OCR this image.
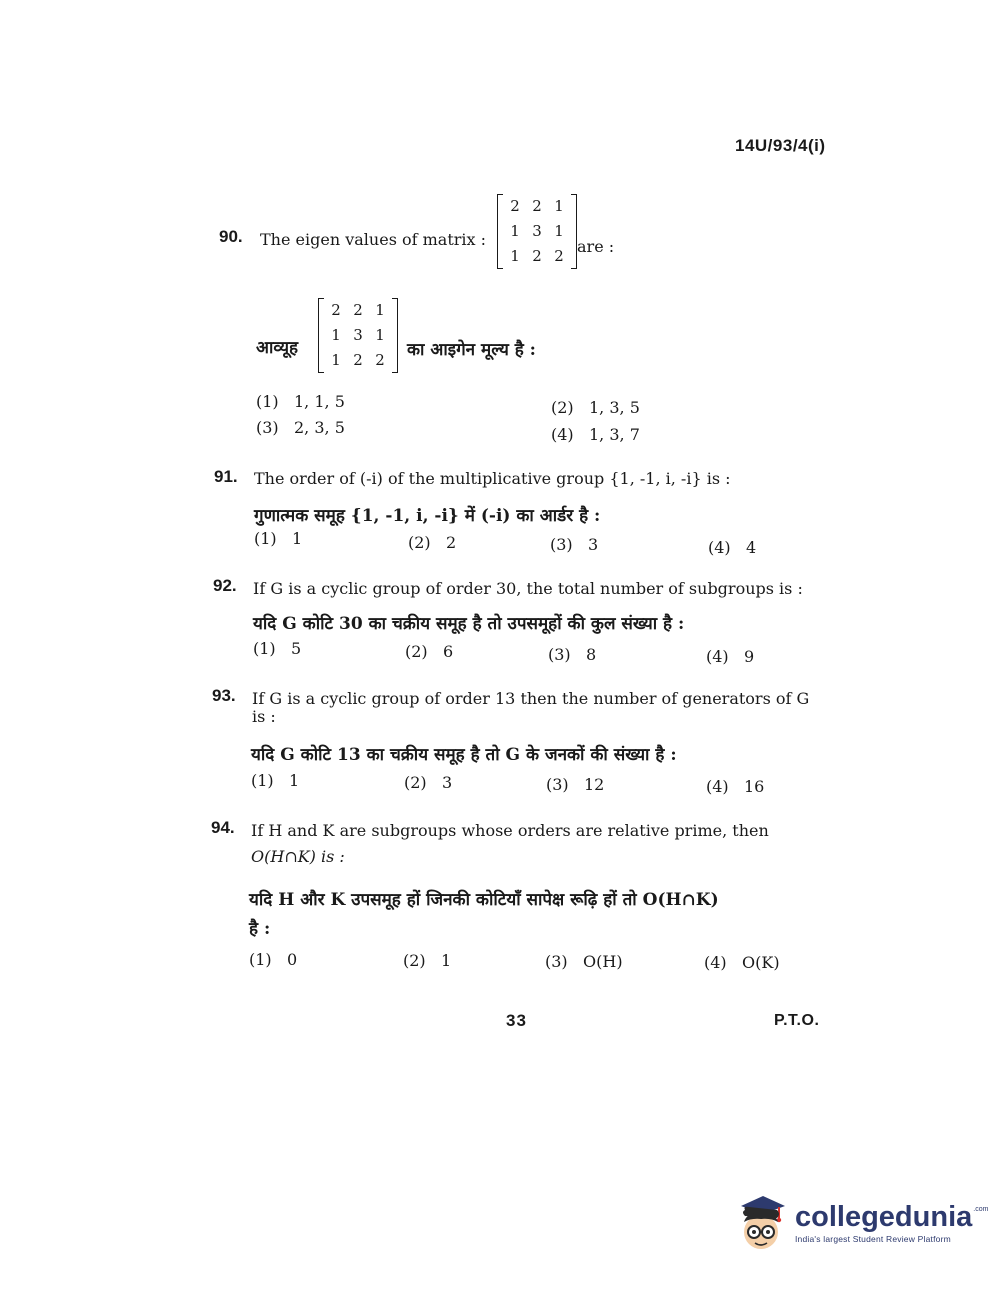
14U/93/4(i)
90. The eigen values of matrix :
2 2 1
1 3 1
1 2 2 are :
आव्यूह
2 2 1
1 3 1
1 2 2	का आइगेन मूल्य है :
(1) 1, 1, 5	(2) 1, 3, 5
(3) 2, 3, 5	(4) 1, 3, 7
91. The order of (-i) of the multiplicative group {1, -1, i, -i} is :
गुणात्मक समूह {1, -1, i, -i} में (-i) का आर्डर है :
(1) 1	(2) 2	(3) 3	(4) 4
92. If G is a cyclic group of order 30, the total number of subgroups is :
यदि G कोटि 30 का चक्रीय समूह है तो उपसमूहों की कुल संख्या है :
(1) 5	(2) 6	(3) 8	(4) 9
93. If G is a cyclic group of order 13 then the number of generators of G
is :
यदि G कोटि 13 का चक्रीय समूह है तो G के जनकों की संख्या है :
(1) 1	(2) 3	(3) 12	(4) 16
94. If H and K are subgroups whose orders are relative prime, then
O(H∩K) is :
यदि H और K उपसमूह हों जिनकी कोटियाँ सापेक्ष रूढ़ि हों तो O(H∩K)
है :
(1) 0	(2) 1	(3) O(H)	(4) O(K)
33	P.T.O.
collegedunia .com
India's largest Student Review Platform
